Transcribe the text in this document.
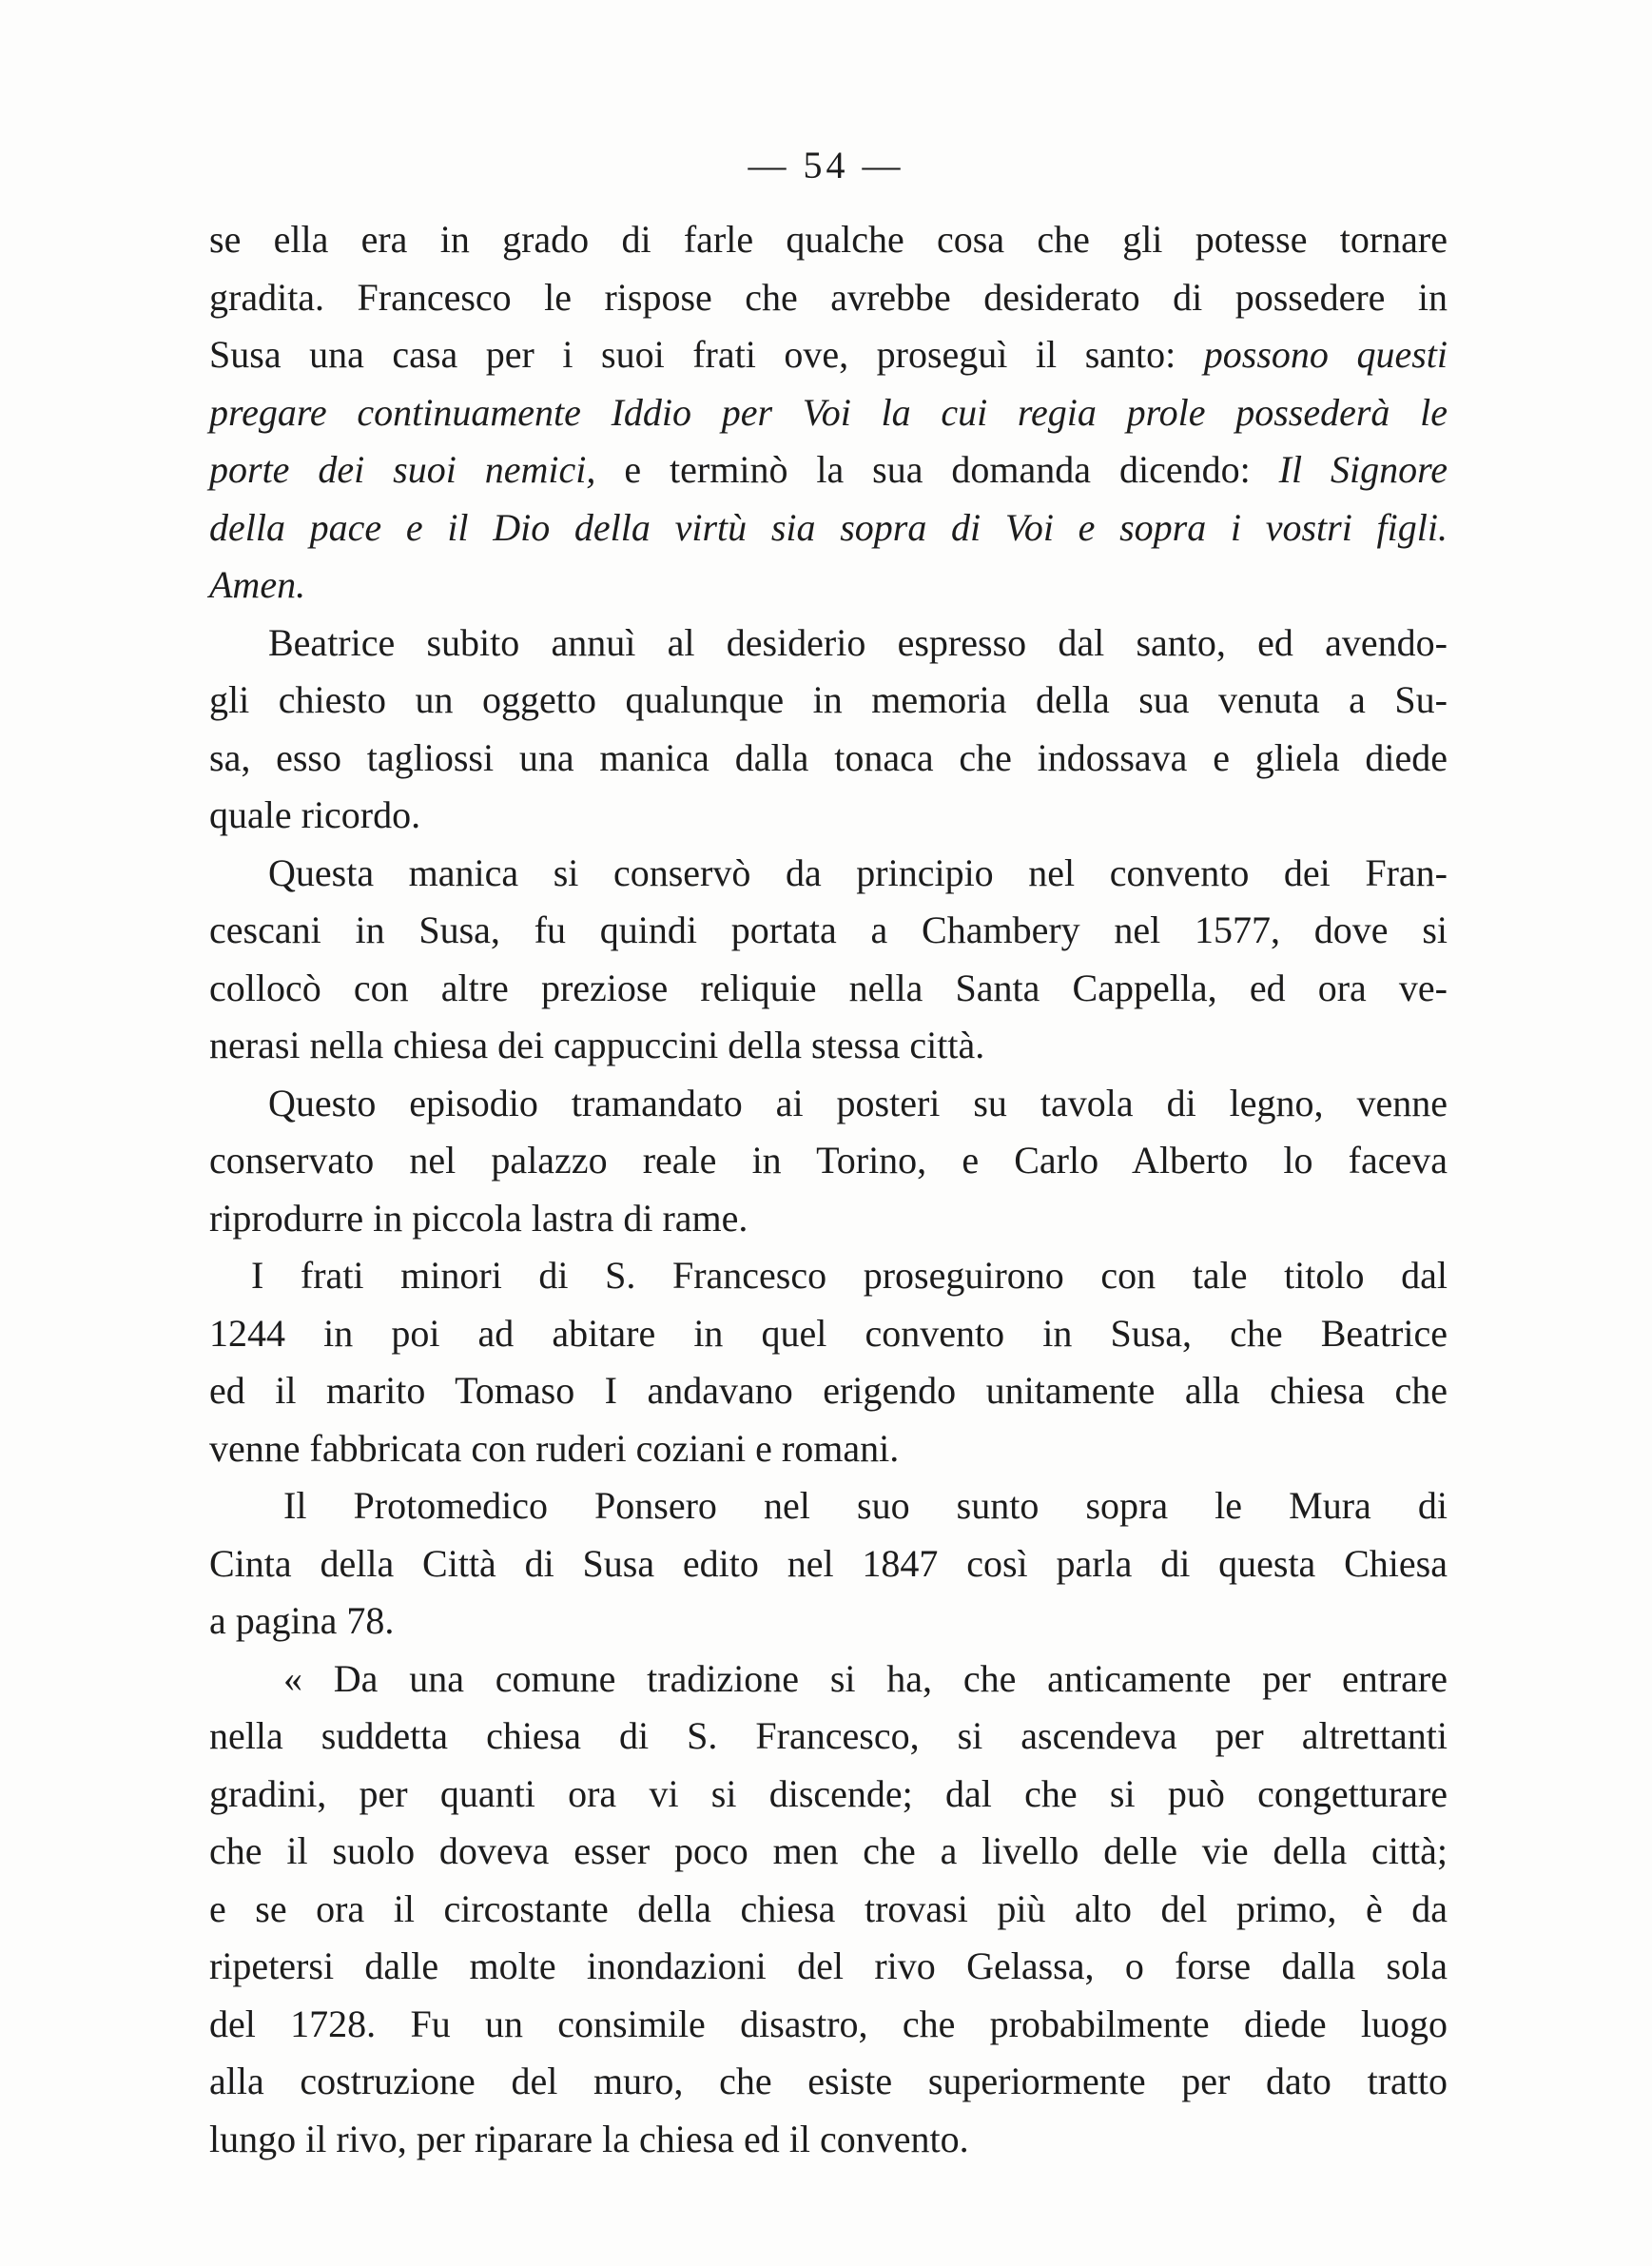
— 54 —
se ella era in grado di farle qualche cosa che gli potesse tornare
gradita. Francesco le rispose che avrebbe desiderato di possedere in
Susa una casa per i suoi frati ove, proseguì il santo: possono questi
pregare continuamente Iddio per Voi la cui regia prole possederà le
porte dei suoi nemici, e terminò la sua domanda dicendo: Il Signore
della pace e il Dio della virtù sia sopra di Voi e sopra i vostri figli.
Amen.
Beatrice subito annuì al desiderio espresso dal santo, ed avendo-
gli chiesto un oggetto qualunque in memoria della sua venuta a Su-
sa, esso tagliossi una manica dalla tonaca che indossava e gliela diede
quale ricordo.
Questa manica si conservò da principio nel convento dei Fran-
cescani in Susa, fu quindi portata a Chambery nel 1577, dove si
collocò con altre preziose reliquie nella Santa Cappella, ed ora ve-
nerasi nella chiesa dei cappuccini della stessa città.
Questo episodio tramandato ai posteri su tavola di legno, venne
conservato nel palazzo reale in Torino, e Carlo Alberto lo faceva
riprodurre in piccola lastra di rame.
I frati minori di S. Francesco proseguirono con tale titolo dal
1244 in poi ad abitare in quel convento in Susa, che Beatrice
ed il marito Tomaso I andavano erigendo unitamente alla chiesa che
venne fabbricata con ruderi coziani e romani.
Il Protomedico Ponsero nel suo sunto sopra le Mura di
Cinta della Città di Susa edito nel 1847 così parla di questa Chiesa
a pagina 78.
« Da una comune tradizione si ha, che anticamente per entrare
nella suddetta chiesa di S. Francesco, si ascendeva per altrettanti
gradini, per quanti ora vi si discende; dal che si può congetturare
che il suolo doveva esser poco men che a livello delle vie della città;
e se ora il circostante della chiesa trovasi più alto del primo, è da
ripetersi dalle molte inondazioni del rivo Gelassa, o forse dalla sola
del 1728. Fu un consimile disastro, che probabilmente diede luogo
alla costruzione del muro, che esiste superiormente per dato tratto
lungo il rivo, per riparare la chiesa ed il convento.
